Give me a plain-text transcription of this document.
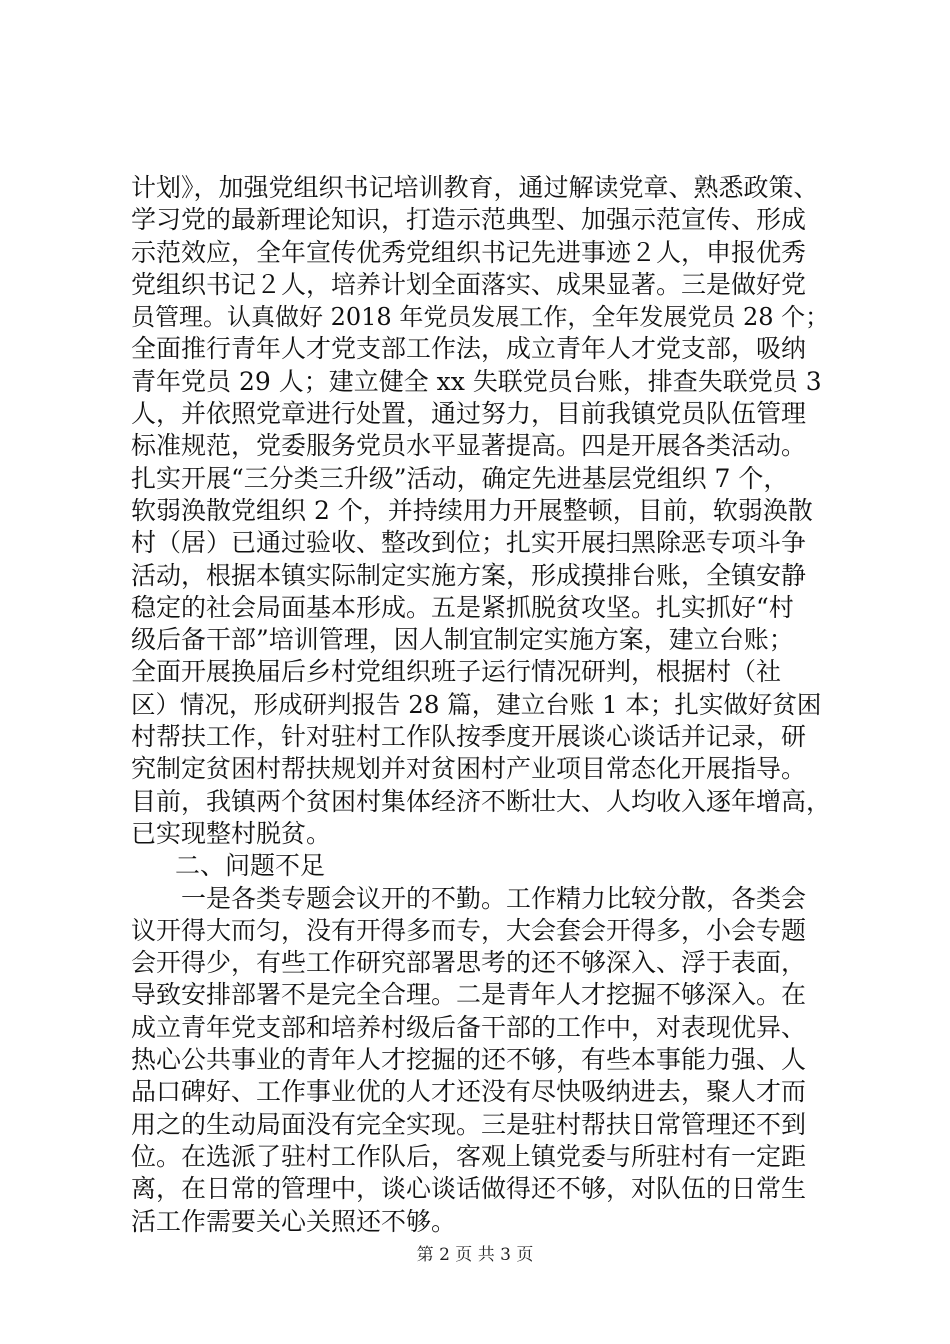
计划》，加强党组织书记培训教育，通过解读党章、熟悉政策、
学习党的最新理论知识，打造示范典型、加强示范宣传、形成
示范效应，全年宣传优秀党组织书记先进事迹２人，申报优秀
党组织书记２人，培养计划全面落实、成果显著。三是做好党
员管理。认真做好 2018 年党员发展工作，全年发展党员 28 个；
全面推行青年人才党支部工作法，成立青年人才党支部，吸纳
青年党员 29 人；建立健全 xx 失联党员台账，排查失联党员 3
人，并依照党章进行处置，通过努力，目前我镇党员队伍管理
标准规范，党委服务党员水平显著提高。四是开展各类活动。
扎实开展“三分类三升级”活动，确定先进基层党组织 7 个，
软弱涣散党组织 2 个，并持续用力开展整顿，目前，软弱涣散
村（居）已通过验收、整改到位；扎实开展扫黑除恶专项斗争
活动，根据本镇实际制定实施方案，形成摸排台账，全镇安静
稳定的社会局面基本形成。五是紧抓脱贫攻坚。扎实抓好“村
级后备干部”培训管理，因人制宜制定实施方案，建立台账；
全面开展换届后乡村党组织班子运行情况研判，根据村（社
区）情况，形成研判报告 28 篇，建立台账 1 本；扎实做好贫困
村帮扶工作，针对驻村工作队按季度开展谈心谈话并记录，研
究制定贫困村帮扶规划并对贫困村产业项目常态化开展指导。
目前，我镇两个贫困村集体经济不断壮大、人均收入逐年增高，
已实现整村脱贫。
二、问题不足
一是各类专题会议开的不勤。工作精力比较分散，各类会
议开得大而匀，没有开得多而专，大会套会开得多，小会专题
会开得少，有些工作研究部署思考的还不够深入、浮于表面，
导致安排部署不是完全合理。二是青年人才挖掘不够深入。在
成立青年党支部和培养村级后备干部的工作中，对表现优异、
热心公共事业的青年人才挖掘的还不够，有些本事能力强、人
品口碑好、工作事业优的人才还没有尽快吸纳进去，聚人才而
用之的生动局面没有完全实现。三是驻村帮扶日常管理还不到
位。在选派了驻村工作队后，客观上镇党委与所驻村有一定距
离，在日常的管理中，谈心谈话做得还不够，对队伍的日常生
活工作需要关心关照还不够。
第 2 页 共 3 页
